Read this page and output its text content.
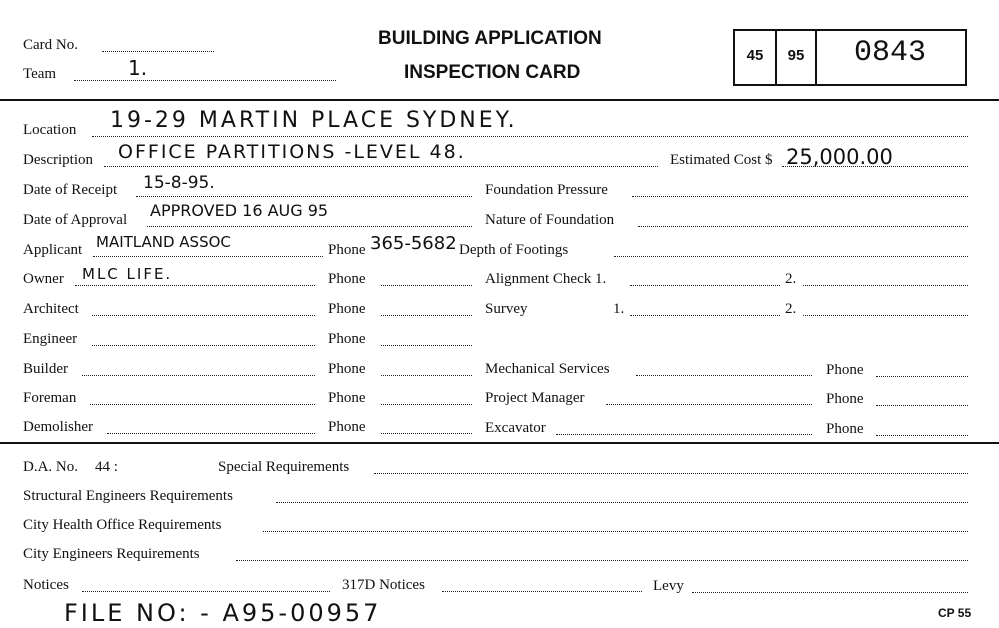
Card No.
Team	1.
BUILDING APPLICATION
INSPECTION CARD
45	95	0843
Location 19-29 MARTIN PLACE SYDNEY.
Description OFFICE PARTITIONS -LEVEL 48.	Estimated Cost $ 25,000.00
Date of Receipt 15-8-95.	Foundation Pressure
Date of Approval APPROVED 16 AUG 95	Nature of Foundation
Applicant MAITLAND ASSOC	Phone 365-5682 Depth of Footings
Owner MLC LIFE.	Phone	Alignment Check 1.	2.
Architect	Phone	Survey	1.	2.
Engineer	Phone
Builder	Phone	Mechanical Services	Phone
Foreman	Phone	Project Manager	Phone
Demolisher	Phone	Excavator	Phone
D.A. No. 44 :	Special Requirements
Structural Engineers Requirements
City Health Office Requirements
City Engineers Requirements
Notices	317D Notices	Levy
FILE NO: - A95-00957	CP 55
